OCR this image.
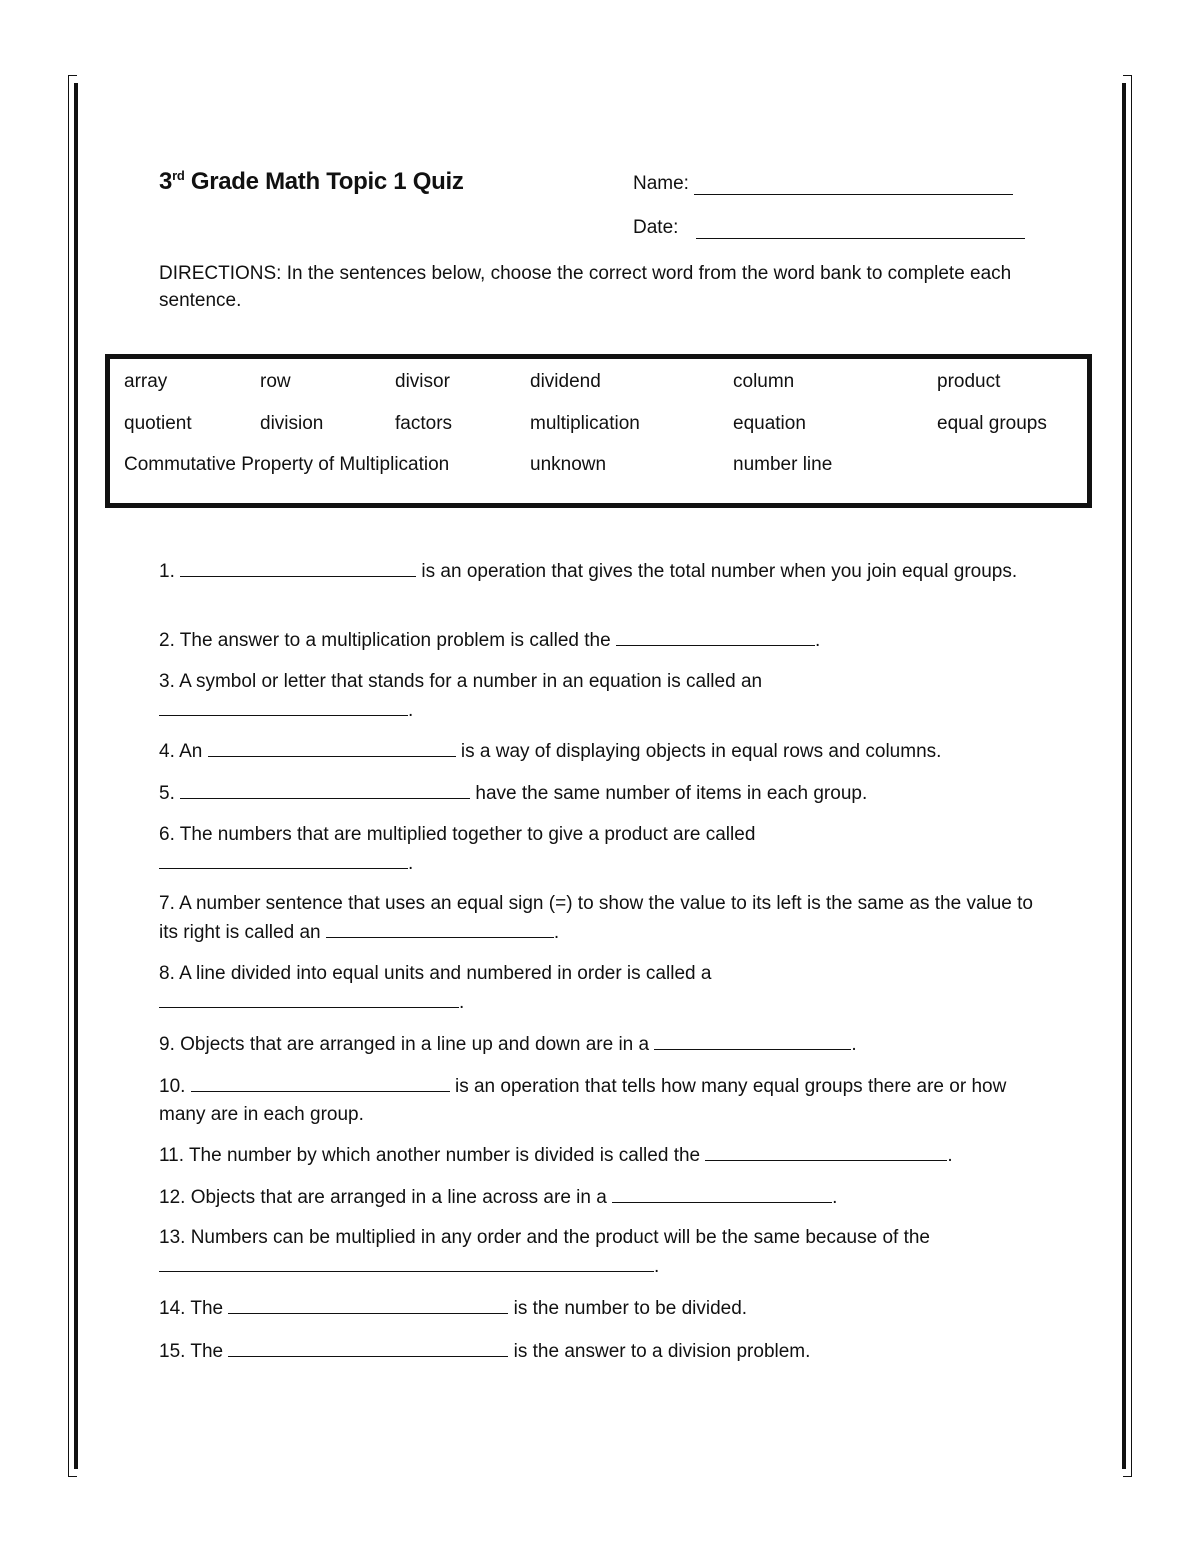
3rd Grade Math Topic 1 Quiz	Name:
Date:
DIRECTIONS: In the sentences below, choose the correct word from the word bank to complete each sentence.
array	row	divisor	dividend	column	product
quotient	division	factors	multiplication	equation	equal groups
Commutative Property of Multiplication	unknown	number line
1.	is an operation that gives the total number when you join equal groups.
2. The answer to a multiplication problem is called the	.
3. A symbol or letter that stands for a number in an equation is called an
.
4. An	is a way of displaying objects in equal rows and columns.
5.	have the same number of items in each group.
6. The numbers that are multiplied together to give a product are called
.
7. A number sentence that uses an equal sign (=) to show the value to its left is the same as the value to its right is called an	.
8. A line divided into equal units and numbered in order is called a
.
9. Objects that are arranged in a line up and down are in a	.
10.	is an operation that tells how many equal groups there are or how many are in each group.
11. The number by which another number is divided is called the	.
12. Objects that are arranged in a line across are in a	.
13. Numbers can be multiplied in any order and the product will be the same because of the
.
14. The	is the number to be divided.
15. The	is the answer to a division problem.
